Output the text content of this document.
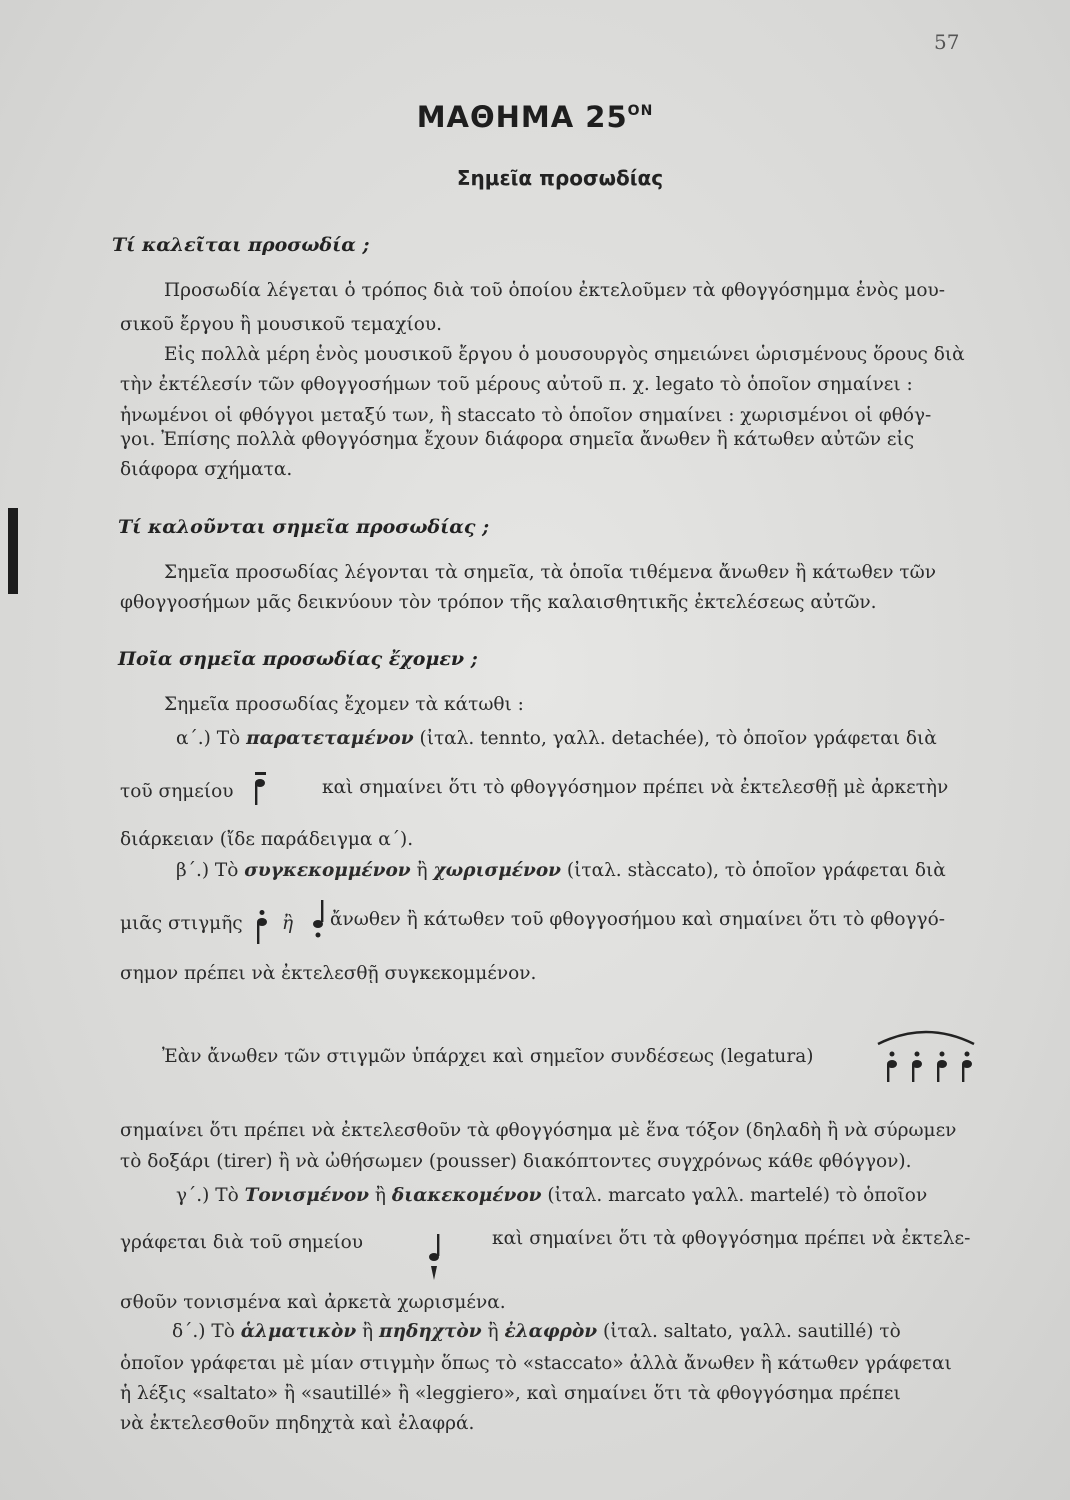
57
ΜΑΘΗΜΑ $25^{ON}$
Σημεῖα προσωδίας
Τί καλεῖται προσωδία ;
Προσωδία λέγεται ὁ τρόπος διὰ τοῦ ὁποίου ἐκτελοῦμεν τὰ φθογγόσημμα ἑνὸς μου-
σικοῦ ἔργου ἢ μουσικοῦ τεμαχίου.
Εἰς πολλὰ μέρη ἑνὸς μουσικοῦ ἔργου ὁ μουσουργὸς σημειώνει ὡρισμένους ὅρους διὰ
τὴν ἐκτέλεσίν τῶν φθογγοσήμων τοῦ μέρους αὐτοῦ π. χ. legato τὸ ὁποῖον σημαίνει :
ἡνωμένοι οἱ φθόγγοι μεταξύ των, ἢ staccato τὸ ὁποῖον σημαίνει : χωρισμένοι οἱ φθόγ-
γοι. Ἐπίσης πολλὰ φθογγόσημα ἔχουν διάφορα σημεῖα ἄνωθεν ἢ κάτωθεν αὐτῶν εἰς
διάφορα σχήματα.
Τί καλοῦνται σημεῖα προσωδίας ;
Σημεῖα προσωδίας λέγονται τὰ σημεῖα, τὰ ὁποῖα τιθέμενα ἄνωθεν ἢ κάτωθεν τῶν
φθογγοσήμων μᾶς δεικνύουν τὸν τρόπον τῆς καλαισθητικῆς ἐκτελέσεως αὐτῶν.
Ποῖα σημεῖα προσωδίας ἔχομεν ;
Σημεῖα προσωδίας ἔχομεν τὰ κάτωθι :
α΄.) Τὸ παρατεταμένον (ἰταλ. tennto, γαλλ. detachée), τὸ ὁποῖον γράφεται διὰ
τοῦ σημείου	καὶ σημαίνει ὅτι τὸ φθογγόσημον πρέπει νὰ ἐκτελεσθῇ μὲ ἀρκετὴν
διάρκειαν (ἴδε παράδειγμα α΄).
β΄.) Τὸ συγκεκομμένον ἢ χωρισμένον (ἰταλ. stàccato), τὸ ὁποῖον γράφεται διὰ
μιᾶς στιγμῆς ἢ ἄνωθεν ἢ κάτωθεν τοῦ φθογγοσήμου καὶ σημαίνει ὅτι τὸ φθογγό-
σημον πρέπει νὰ ἐκτελεσθῇ συγκεκομμένον.
Ἐὰν ἄνωθεν τῶν στιγμῶν ὑπάρχει καὶ σημεῖον συνδέσεως (legatura)
σημαίνει ὅτι πρέπει νὰ ἐκτελεσθοῦν τὰ φθογγόσημα μὲ ἕνα τόξον (δηλαδὴ ἢ νὰ σύρωμεν
τὸ δοξάρι (tirer) ἢ νὰ ὠθήσωμεν (pousser) διακόπτοντες συγχρόνως κάθε φθόγγον).
γ΄.) Τὸ Τονισμένον ἢ διακεκομένον (ἰταλ. marcato γαλλ. martelé) τὸ ὁποῖον
γράφεται διὰ τοῦ σημείου	καὶ σημαίνει ὅτι τὰ φθογγόσημα πρέπει νὰ ἐκτελε-
σθοῦν τονισμένα καὶ ἀρκετὰ χωρισμένα.
δ΄.) Τὸ ἁλματικὸν ἢ πηδηχτὸν ἢ ἐλαφρὸν (ἰταλ. saltato, γαλλ. sautillé) τὸ
ὁποῖον γράφεται μὲ μίαν στιγμὴν ὅπως τὸ «staccato» ἀλλὰ ἄνωθεν ἢ κάτωθεν γράφεται
ἡ λέξις «saltato» ἢ «sautillé» ἢ «leggiero», καὶ σημαίνει ὅτι τὰ φθογγόσημα πρέπει
νὰ ἐκτελεσθοῦν πηδηχτὰ καὶ ἐλαφρά.
